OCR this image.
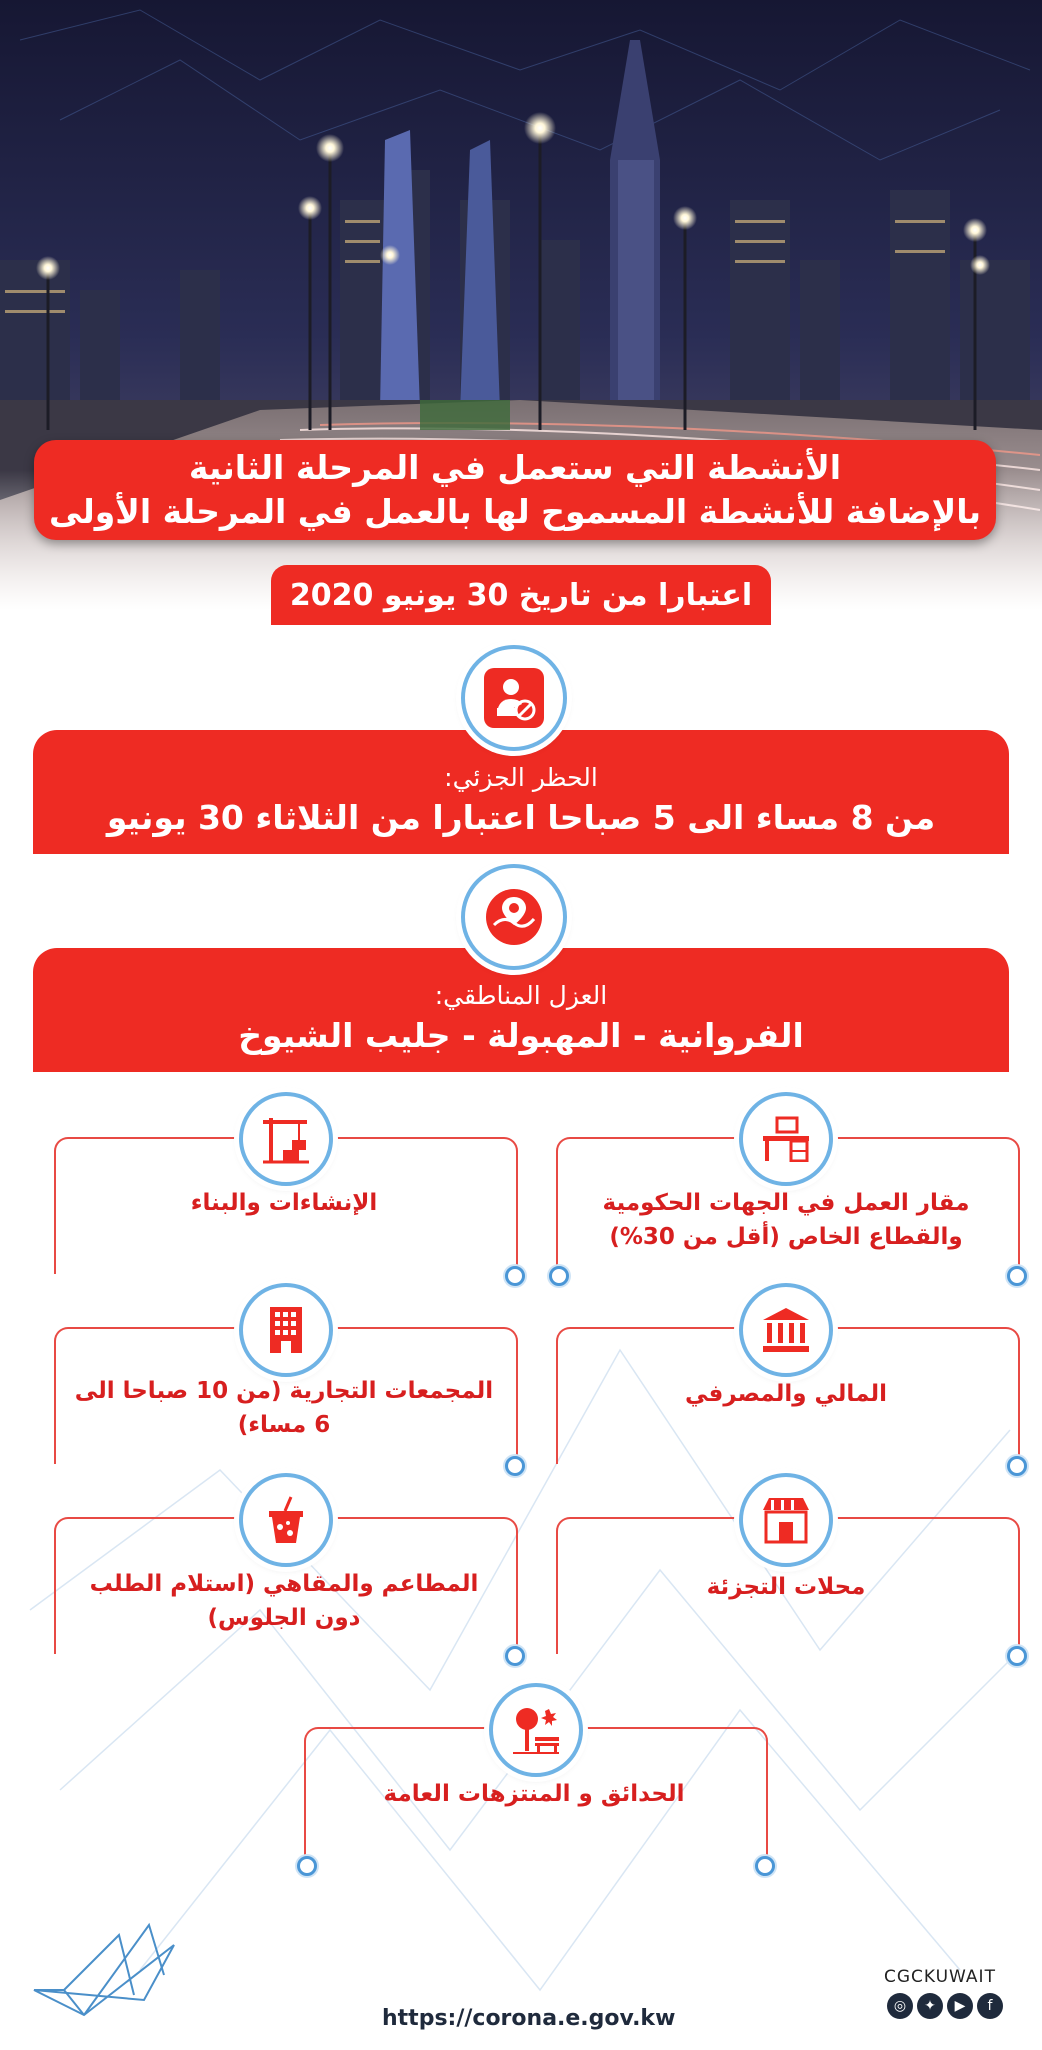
الأنشطة التي ستعمل في المرحلة الثانية
بالإضافة للأنشطة المسموح لها بالعمل في المرحلة الأولى
اعتبارا من تاريخ 30 يونيو 2020
الحظر الجزئي:
من 8 مساء الى 5 صباحا اعتبارا من الثلاثاء 30 يونيو
العزل المناطقي:
الفروانية - المهبولة - جليب الشيوخ
مقار العمل في الجهات الحكومية والقطاع الخاص (أقل من 30%)
الإنشاءات والبناء
المالي والمصرفي
المجمعات التجارية (من 10 صباحا الى 6 مساء)
محلات التجزئة
المطاعم والمقاهي (استلام الطلب دون الجلوس)
الحدائق و المنتزهات العامة
https://corona.e.gov.kw
CGCKUWAIT
◎	✦	▶	f
